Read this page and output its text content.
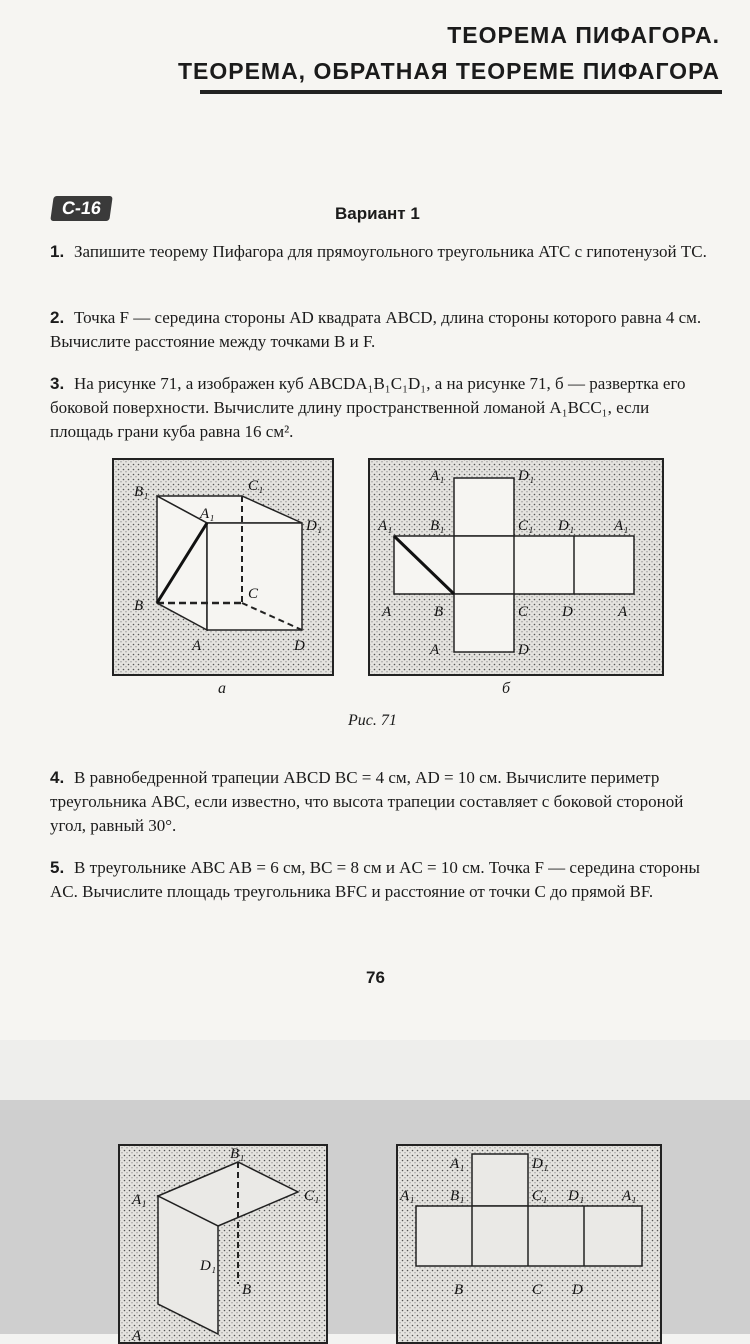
ТЕОРЕМА ПИФАГОРА.
ТЕОРЕМА, ОБРАТНАЯ ТЕОРЕМЕ ПИФАГОРА
С-16	Вариант 1
1. Запишите теорему Пифагора для прямоугольного треугольника ATC с гипотенузой TC.
2. Точка F — середина стороны AD квадрата ABCD, длина стороны которого равна 4 см. Вычислите расстояние между точками B и F.
3. На рисунке 71, а изображен куб ABCDA₁B₁C₁D₁, а на рисунке 71, б — развертка его боковой поверхности. Вычислите длину пространственной ломаной A₁BCC₁, если площадь грани куба равна 16 см².
B₁	C₁
A₁
D₁
B
C
A	D
а
A₁	D₁
A₁	B₁	C₁ D₁	A₁
A	B	C D	A
A	D
б
Рис. 71
4. В равнобедренной трапеции ABCD BC = 4 см, AD = 10 см. Вычислите периметр треугольника ABC, если известно, что высота трапеции составляет с боковой стороной угол, равный 30°.
5. В треугольнике ABC AB = 6 см, BC = 8 см и AC = 10 см. Точка F — середина стороны AC. Вычислите площадь треугольника BFC и расстояние от точки C до прямой BF.
76
B₁
A₁	C₁
D₁
B
A
A₁	D₁
A₁ B₁	C₁ D₁	A₁
B	C D
